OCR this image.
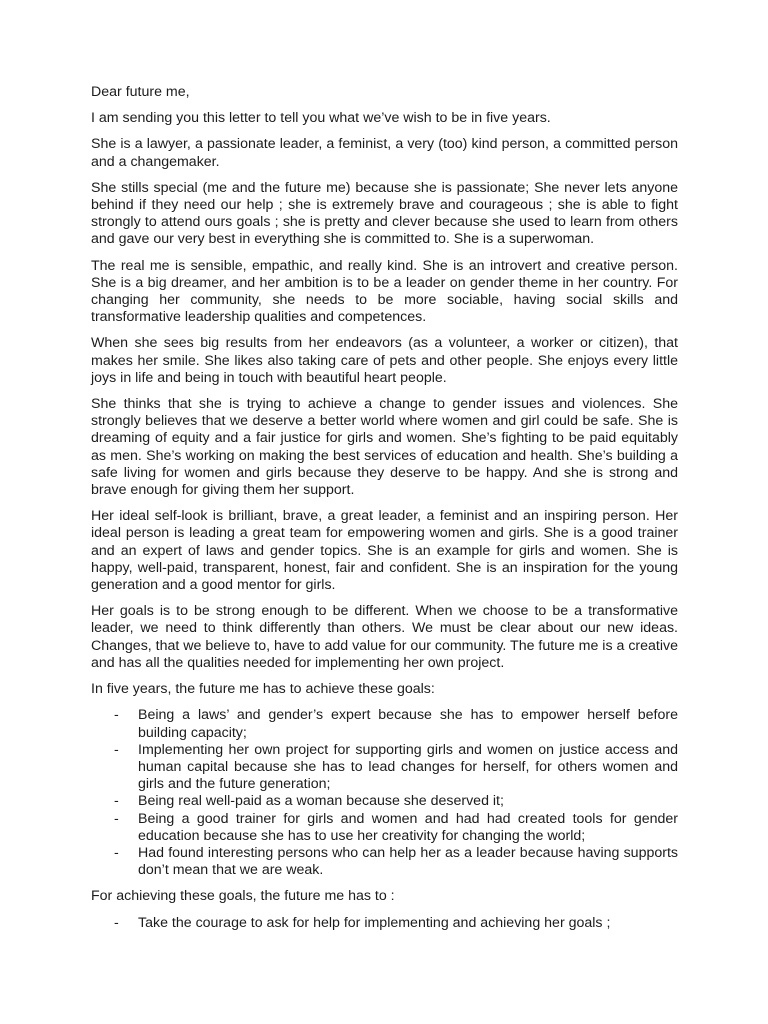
Dear future me,

I am sending you this letter to tell you what we’ve wish to be in five years.

She is a lawyer, a passionate leader, a feminist, a very (too) kind person, a committed person and a changemaker.

She stills special (me and the future me) because she is passionate; She never lets anyone behind if they need our help ; she is extremely brave and courageous ; she is able to fight strongly to attend ours goals ; she is pretty and clever because she used to learn from others and gave our very best in everything she is committed to. She is a superwoman.

The real me is sensible, empathic, and really kind. She is an introvert and creative person. She is a big dreamer, and her ambition is to be a leader on gender theme in her country. For changing her community, she needs to be more sociable, having social skills and transformative leadership qualities and competences.

When she sees big results from her endeavors (as a volunteer, a worker or citizen), that makes her smile. She likes also taking care of pets and other people. She enjoys every little joys in life and being in touch with beautiful heart people.

She thinks that she is trying to achieve a change to gender issues and violences. She strongly believes that we deserve a better world where women and girl could be safe. She is dreaming of equity and a fair justice for girls and women. She’s fighting to be paid equitably as men. She’s working on making the best services of education and health. She’s building a safe living for women and girls because they deserve to be happy. And she is strong and brave enough for giving them her support.

Her ideal self-look is brilliant, brave, a great leader, a feminist and an inspiring person. Her ideal person is leading a great team for empowering women and girls. She is a good trainer and an expert of laws and gender topics. She is an example for girls and women. She is happy, well-paid, transparent, honest, fair and confident. She is an inspiration for the young generation and a good mentor for girls.

Her goals is to be strong enough to be different. When we choose to be a transformative leader, we need to think differently than others. We must be clear about our new ideas. Changes, that we believe to, have to add value for our community. The future me is a creative and has all the qualities needed for implementing her own project.

In five years, the future me has to achieve these goals:

- Being a laws’ and gender’s expert because she has to empower herself before building capacity;
- Implementing her own project for supporting girls and women on justice access and human capital because she has to lead changes for herself, for others women and girls and the future generation;
- Being real well-paid as a woman because she deserved it;
- Being a good trainer for girls and women and had had created tools for gender education because she has to use her creativity for changing the world;
- Had found interesting persons who can help her as a leader because having supports don’t mean that we are weak.

For achieving these goals, the future me has to :

- Take the courage to ask for help for implementing and achieving her goals ;
